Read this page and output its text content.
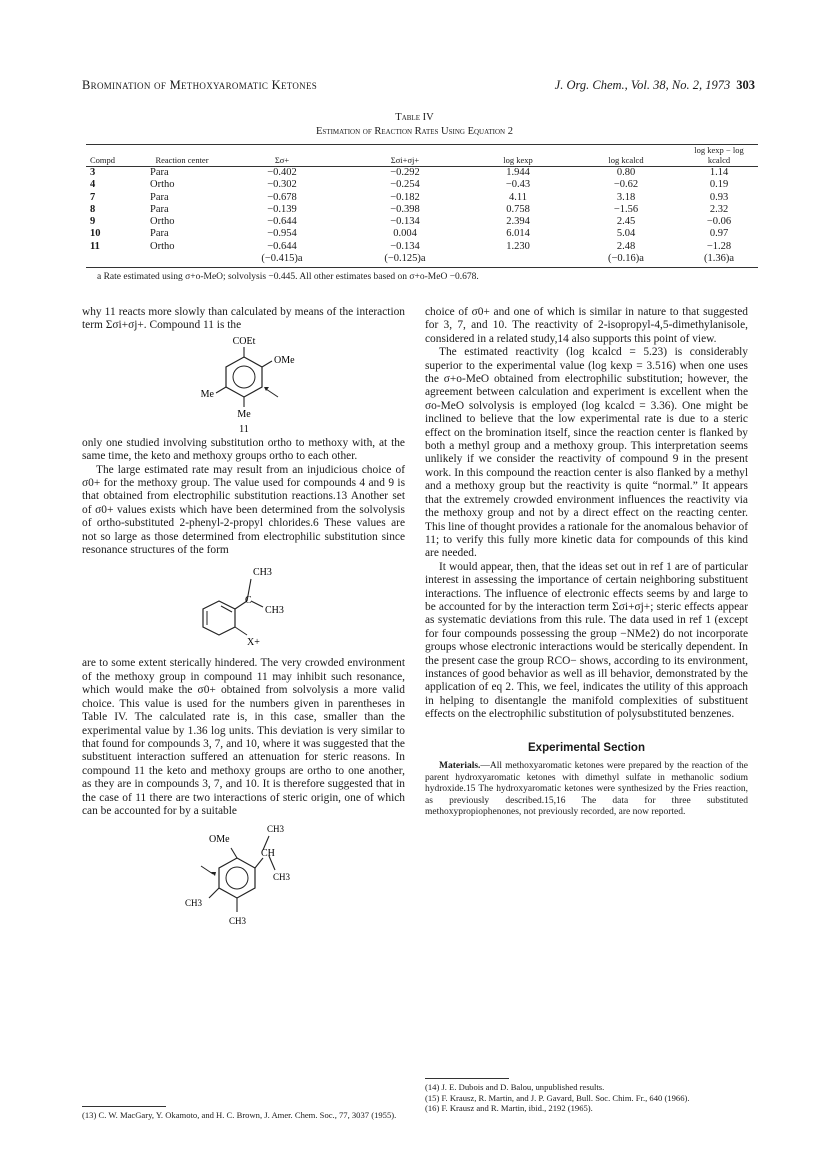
Bromination of Methoxyaromatic Ketones	J. Org. Chem., Vol. 38, No. 2, 1973 303
Table IV
Estimation of Reaction Rates Using Equation 2
Compd	Reaction center	Σσ+	Σσi+σj+	log kexp	log kcalcd	log kexp − log kcalcd
3	Para	−0.402	−0.292	1.944	0.80	1.14
4	Ortho	−0.302	−0.254	−0.43	−0.62	0.19
7	Para	−0.678	−0.182	4.11	3.18	0.93
8	Para	−0.139	−0.398	0.758	−1.56	2.32
9	Ortho	−0.644	−0.134	2.394	2.45	−0.06
10	Para	−0.954	0.004	6.014	5.04	0.97
11	Ortho	−0.644	−0.134	1.230	2.48	−1.28
		(−0.415)a	(−0.125)a		(−0.16)a	(1.36)a
a Rate estimated using σ+o-MeO; solvolysis −0.445. All other estimates based on σ+o-MeO −0.678.

why 11 reacts more slowly than calculated by means of the interaction term Σσi+σj+. Compound 11 is the

COEt
OMe
Me
Me
11

only one studied involving substitution ortho to methoxy with, at the same time, the keto and methoxy groups ortho to each other.

The large estimated rate may result from an injudicious choice of σ0+ for the methoxy group. The value used for compounds 4 and 9 is that obtained from electrophilic substitution reactions.13 Another set of σ0+ values exists which have been determined from the solvolysis of ortho-substituted 2-phenyl-2-propyl chlorides.6 These values are not so large as those determined from electrophilic substitution since resonance structures of the form

CH3
C
CH3
X+

are to some extent sterically hindered. The very crowded environment of the methoxy group in compound 11 may inhibit such resonance, which would make the σ0+ obtained from solvolysis a more valid choice. This value is used for the numbers given in parentheses in Table IV. The calculated rate is, in this case, smaller than the experimental value by 1.36 log units. This deviation is very similar to that found for compounds 3, 7, and 10, where it was suggested that the substituent interaction suffered an attenuation for steric reasons. In compound 11 the keto and methoxy groups are ortho to one another, as they are in compounds 3, 7, and 10. It is therefore suggested that in the case of 11 there are two interactions of steric origin, one of which can be accounted for by a suitable

OMe
CH3
CH
CH3
CH3
CH3

choice of σ0+ and one of which is similar in nature to that suggested for 3, 7, and 10. The reactivity of 2-isopropyl-4,5-dimethylanisole, considered in a related study,14 also supports this point of view.

The estimated reactivity (log kcalcd = 5.23) is considerably superior to the experimental value (log kexp = 3.516) when one uses the σ+o-MeO obtained from electrophilic substitution; however, the agreement between calculation and experiment is excellent when the σo-MeO solvolysis is employed (log kcalcd = 3.36). One might be inclined to believe that the low experimental rate is due to a steric effect on the bromination itself, since the reaction center is flanked by both a methyl group and a methoxy group. This interpretation seems unlikely if we consider the reactivity of compound 9 in the present work. In this compound the reaction center is also flanked by a methyl and a methoxy group but the reactivity is quite “normal.” It appears that the extremely crowded environment influences the reactivity via the methoxy group and not by a direct effect on the reacting center. This line of thought provides a rationale for the anomalous behavior of 11; to verify this fully more kinetic data for compounds of this kind are needed.

It would appear, then, that the ideas set out in ref 1 are of particular interest in assessing the importance of certain neighboring substituent interactions. The influence of electronic effects seems by and large to be accounted for by the interaction term Σσi+σj+; steric effects appear as systematic deviations from this rule. The data used in ref 1 (except for four compounds possessing the group −NMe2) do not incorporate groups whose electronic interactions would be sterically dependent. In the present case the group RCO− shows, according to its environment, instances of good behavior as well as ill behavior, demonstrated by the application of eq 2. This, we feel, indicates the utility of this approach in helping to disentangle the manifold complexities of substituent effects on the electrophilic substitution of polysubstituted benzenes.

Experimental Section

Materials.—All methoxyaromatic ketones were prepared by the reaction of the parent hydroxyaromatic ketones with dimethyl sulfate in methanolic sodium hydroxide.15 The hydroxyaromatic ketones were synthesized by the Fries reaction, as previously described.15,16 The data for three substituted methoxypropiophenones, not previously recorded, are now reported.

(13) C. W. MacGary, Y. Okamoto, and H. C. Brown, J. Amer. Chem. Soc., 77, 3037 (1955).
(14) J. E. Dubois and D. Balou, unpublished results.
(15) F. Krausz, R. Martin, and J. P. Gavard, Bull. Soc. Chim. Fr., 640 (1966).
(16) F. Krausz and R. Martin, ibid., 2192 (1965).
